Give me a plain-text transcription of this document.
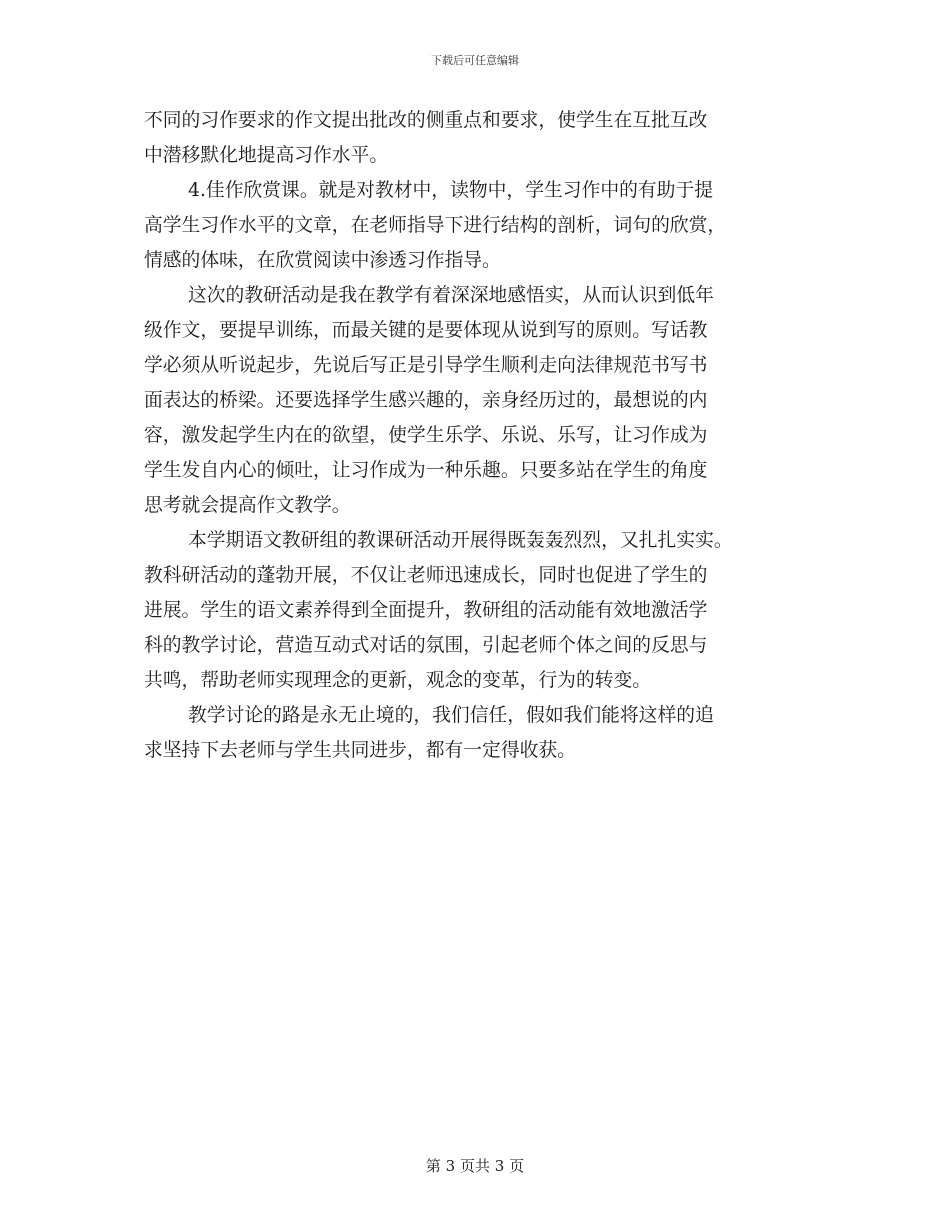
下载后可任意编辑
不同的习作要求的作文提出批改的侧重点和要求，使学生在互批互改
中潜移默化地提高习作水平。
4.佳作欣赏课。就是对教材中，读物中，学生习作中的有助于提
高学生习作水平的文章，在老师指导下进行结构的剖析，词句的欣赏，
情感的体味，在欣赏阅读中渗透习作指导。
这次的教研活动是我在教学有着深深地感悟实，从而认识到低年
级作文，要提早训练，而最关键的是要体现从说到写的原则。写话教
学必须从听说起步，先说后写正是引导学生顺利走向法律规范书写书
面表达的桥梁。还要选择学生感兴趣的，亲身经历过的，最想说的内
容，激发起学生内在的欲望，使学生乐学、乐说、乐写，让习作成为
学生发自内心的倾吐，让习作成为一种乐趣。只要多站在学生的角度
思考就会提高作文教学。
本学期语文教研组的教课研活动开展得既轰轰烈烈，又扎扎实实。
教科研活动的蓬勃开展，不仅让老师迅速成长，同时也促进了学生的
进展。学生的语文素养得到全面提升，教研组的活动能有效地激活学
科的教学讨论，营造互动式对话的氛围，引起老师个体之间的反思与
共鸣，帮助老师实现理念的更新，观念的变革，行为的转变。
教学讨论的路是永无止境的，我们信任，假如我们能将这样的追
求坚持下去老师与学生共同进步，都有一定得收获。
第 3 页共 3 页
